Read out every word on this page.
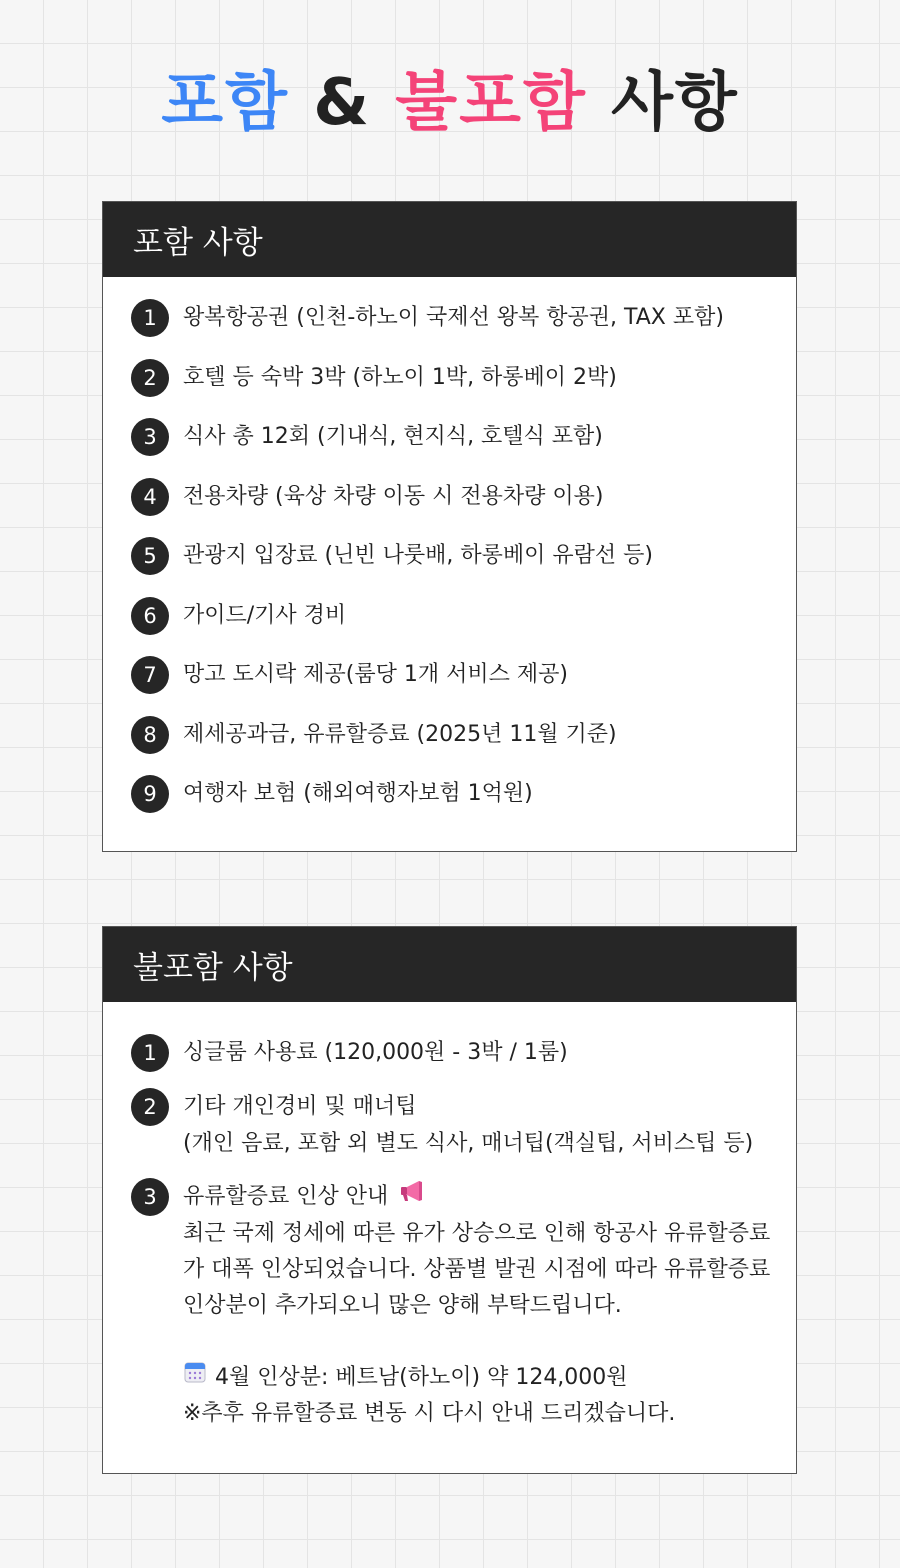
포함 & 불포함 사항
포함 사항
1	왕복항공권 (인천-하노이 국제선 왕복 항공권, TAX 포함)
2	호텔 등 숙박 3박 (하노이 1박, 하롱베이 2박)
3	식사 총 12회 (기내식, 현지식, 호텔식 포함)
4	전용차량 (육상 차량 이동 시 전용차량 이용)
5	관광지 입장료 (닌빈 나룻배, 하롱베이 유람선 등)
6	가이드/기사 경비
7	망고 도시락 제공(룸당 1개 서비스 제공)
8	제세공과금, 유류할증료 (2025년 11월 기준)
9	여행자 보험 (해외여행자보험 1억원)
불포함 사항
1	싱글룸 사용료 (120,000원 - 3박 / 1룸)
2	기타 개인경비 및 매너팁
(개인 음료, 포함 외 별도 식사, 매너팁(객실팁, 서비스팁 등)
3	유류할증료 인상 안내
최근 국제 정세에 따른 유가 상승으로 인해 항공사 유류할증료
가 대폭 인상되었습니다. 상품별 발권 시점에 따라 유류할증료
인상분이 추가되오니 많은 양해 부탁드립니다.
4월 인상분: 베트남(하노이) 약 124,000원
※추후 유류할증료 변동 시 다시 안내 드리겠습니다.
